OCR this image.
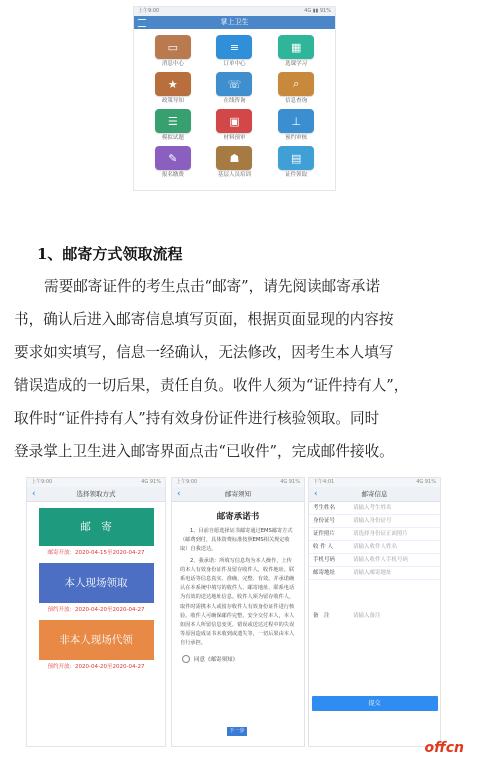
上午9:00	4G ▮▮ 91%
掌上卫生
▭
消息中心
≡
订单中心
▦
选课学习
★
政策导知
☏
在线咨询
⌕
信息查询
☰
模拟试题
▣
材料预审
⊥
预约审核
✎
报名缴费
☗
基层人员培训
▤
证件领取
1、邮寄方式领取流程

需要邮寄证件的考生点击“邮寄”，请先阅读邮寄承诺
书，确认后进入邮寄信息填写页面，根据页面显现的内容按
要求如实填写，信息一经确认，无法修改，因考生本人填写
错误造成的一切后果，责任自负。收件人须为“证件持有人”，
取件时“证件持有人”持有效身份证件进行核验领取。同时
登录掌上卫生进入邮寄界面点击“已收件”，完成邮件接收。

上午9:00	4G 91%
‹	选择领取方式
邮　寄
邮寄开放：2020-04-15至2020-04-27
本人现场领取
预约开放：2020-04-20至2020-04-27
非本人现场代领
预约开放：2020-04-20至2020-04-27
上午9:00	4G 91%
‹	邮寄须知
邮寄承诺书
1、目前自愿选择证书邮寄通过EMS邮寄方式（邮费到付，具体资费标准按照EMS相关规定收取）自我送达。
2、我承诺：所填写信息均为本人操作，上传的本人有效身份证件及留存收件人，收件地址、联系电话等信息真实、准确、完整、有效。并承诺确认在本系统中填写的收件人、邮寄地址、联系电话为有效的送达地址信息。收件人须为留存收件人，取件时需携本人或留存收件人有效身份证件进行核验。收件人可确保邮件完整、安全交付本人，本人如因本人所留信息变更、错误或送达过程中的失误等原因造成证书未收到或遗失等，一切后果由本人自行承担。
同意《邮寄须知》
下一步
下午4:01	4G 91%
‹	邮寄信息
考生姓名	请输入考生姓名
身份证号	请输入身份证号
证件照片	请选择身份证正面照片
收 件 人	请输入收件人姓名
手机号码	请输入收件人手机号码
邮寄地址	请输入邮寄地址
备　注	请输入备注
提交
offcn
